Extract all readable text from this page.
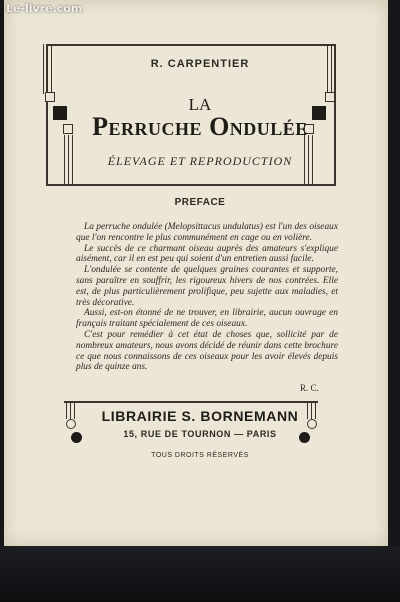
Le-livre.com
R. CARPENTIER
LA
Perruche Ondulée
ÉLEVAGE ET REPRODUCTION
PREFACE

La perruche ondulée (Melopsittacus undulatus) est l'un des oiseaux que l'on rencontre le plus communément en cage ou en volière.

Le succès de ce charmant oiseau auprès des amateurs s'explique aisément, car il en est peu qui soient d'un entretien aussi facile.

L'ondulée se contente de quelques graines courantes et supporte, sans paraître en souffrir, les rigoureux hivers de nos contrées. Elle est, de plus particulièrement prolifique, peu sujette aux maladies, et très décorative.

Aussi, est-on étonné de ne trouver, en librairie, aucun ouvrage en français traitant spécialement de ces oiseaux.

C'est pour remédier à cet état de choses que, sollicité par de nombreux amateurs, nous avons décidé de réunir dans cette brochure ce que nous connaissons de ces oiseaux pour les avoir élevés depuis plus de quinze ans.

R. C.
LIBRAIRIE S. BORNEMANN
15, RUE DE TOURNON — PARIS
TOUS DROITS RÉSERVÉS
